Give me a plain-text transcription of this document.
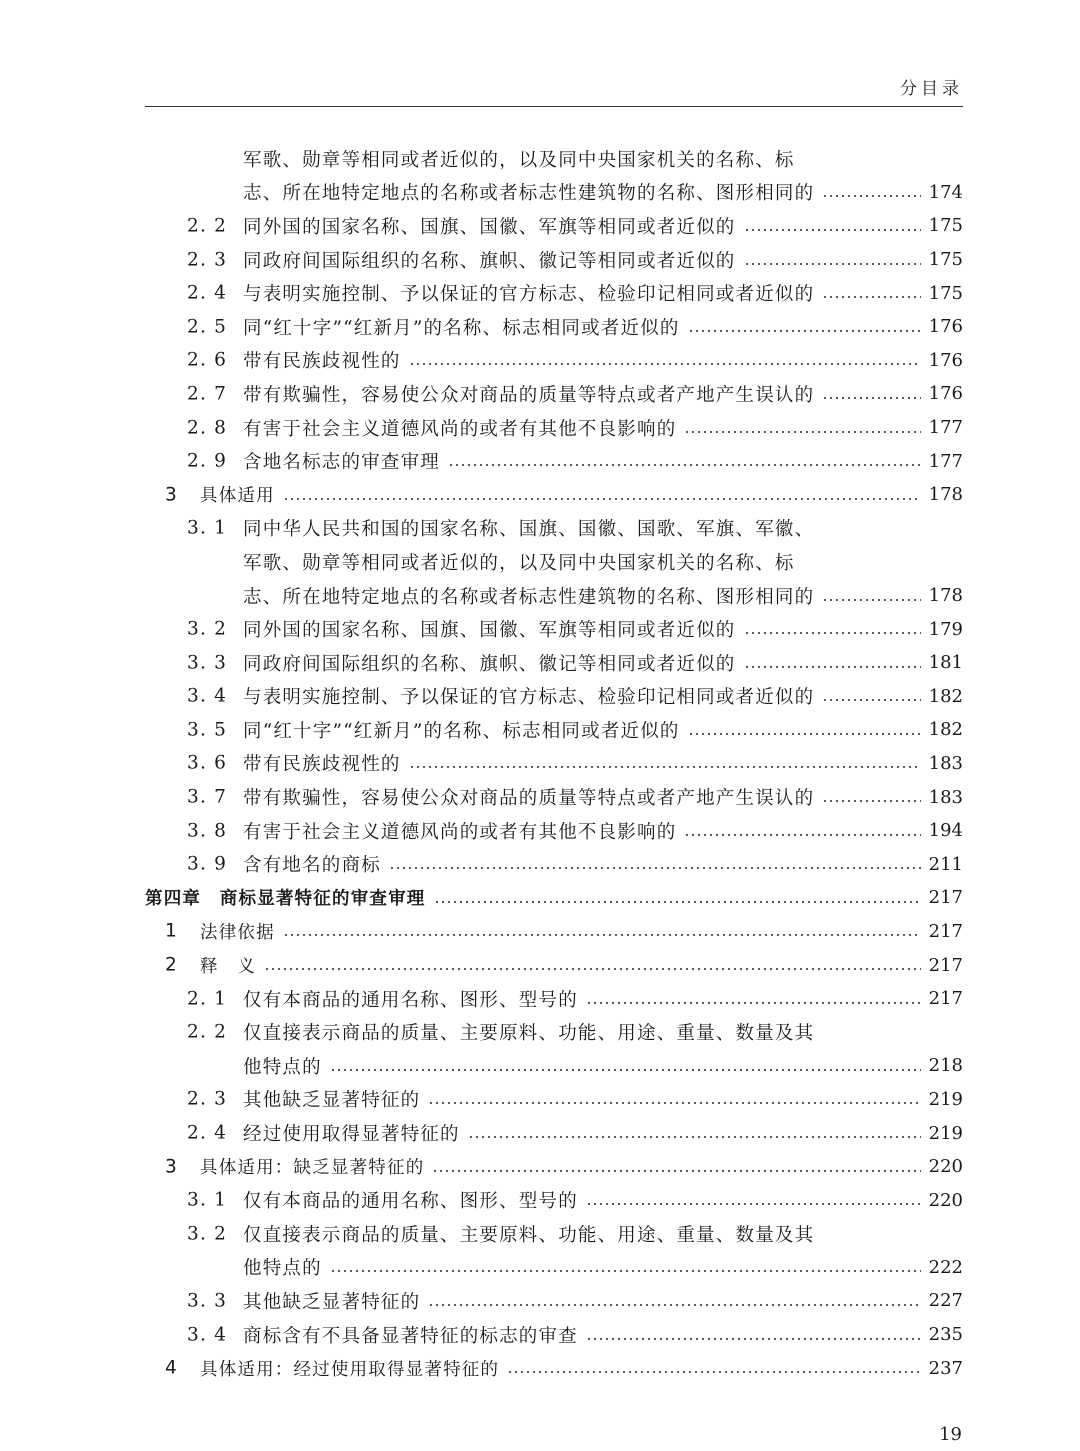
分目录
军歌、勋章等相同或者近似的，以及同中央国家机关的名称、标
志、所在地特定地点的名称或者标志性建筑物的名称、图形相同的	174
2. 2 同外国的国家名称、国旗、国徽、军旗等相同或者近似的	175
2. 3 同政府间国际组织的名称、旗帜、徽记等相同或者近似的	175
2. 4 与表明实施控制、予以保证的官方标志、检验印记相同或者近似的	175
2. 5 同“红十字”“红新月”的名称、标志相同或者近似的	176
2. 6 带有民族歧视性的	176
2. 7 带有欺骗性，容易使公众对商品的质量等特点或者产地产生误认的	176
2. 8 有害于社会主义道德风尚的或者有其他不良影响的	177
2. 9 含地名标志的审查审理	177
3 具体适用	178
3. 1 同中华人民共和国的国家名称、国旗、国徽、国歌、军旗、军徽、
军歌、勋章等相同或者近似的，以及同中央国家机关的名称、标
志、所在地特定地点的名称或者标志性建筑物的名称、图形相同的	178
3. 2 同外国的国家名称、国旗、国徽、军旗等相同或者近似的	179
3. 3 同政府间国际组织的名称、旗帜、徽记等相同或者近似的	181
3. 4 与表明实施控制、予以保证的官方标志、检验印记相同或者近似的	182
3. 5 同“红十字”“红新月”的名称、标志相同或者近似的	182
3. 6 带有民族歧视性的	183
3. 7 带有欺骗性，容易使公众对商品的质量等特点或者产地产生误认的	183
3. 8 有害于社会主义道德风尚的或者有其他不良影响的	194
3. 9 含有地名的商标	211
第四章　商标显著特征的审查审理	217
1 法律依据	217
2 释　义	217
2. 1 仅有本商品的通用名称、图形、型号的	217
2. 2 仅直接表示商品的质量、主要原料、功能、用途、重量、数量及其
他特点的	218
2. 3 其他缺乏显著特征的	219
2. 4 经过使用取得显著特征的	219
3 具体适用：缺乏显著特征的	220
3. 1 仅有本商品的通用名称、图形、型号的	220
3. 2 仅直接表示商品的质量、主要原料、功能、用途、重量、数量及其
他特点的	222
3. 3 其他缺乏显著特征的	227
3. 4 商标含有不具备显著特征的标志的审查	235
4 具体适用：经过使用取得显著特征的	237
19
